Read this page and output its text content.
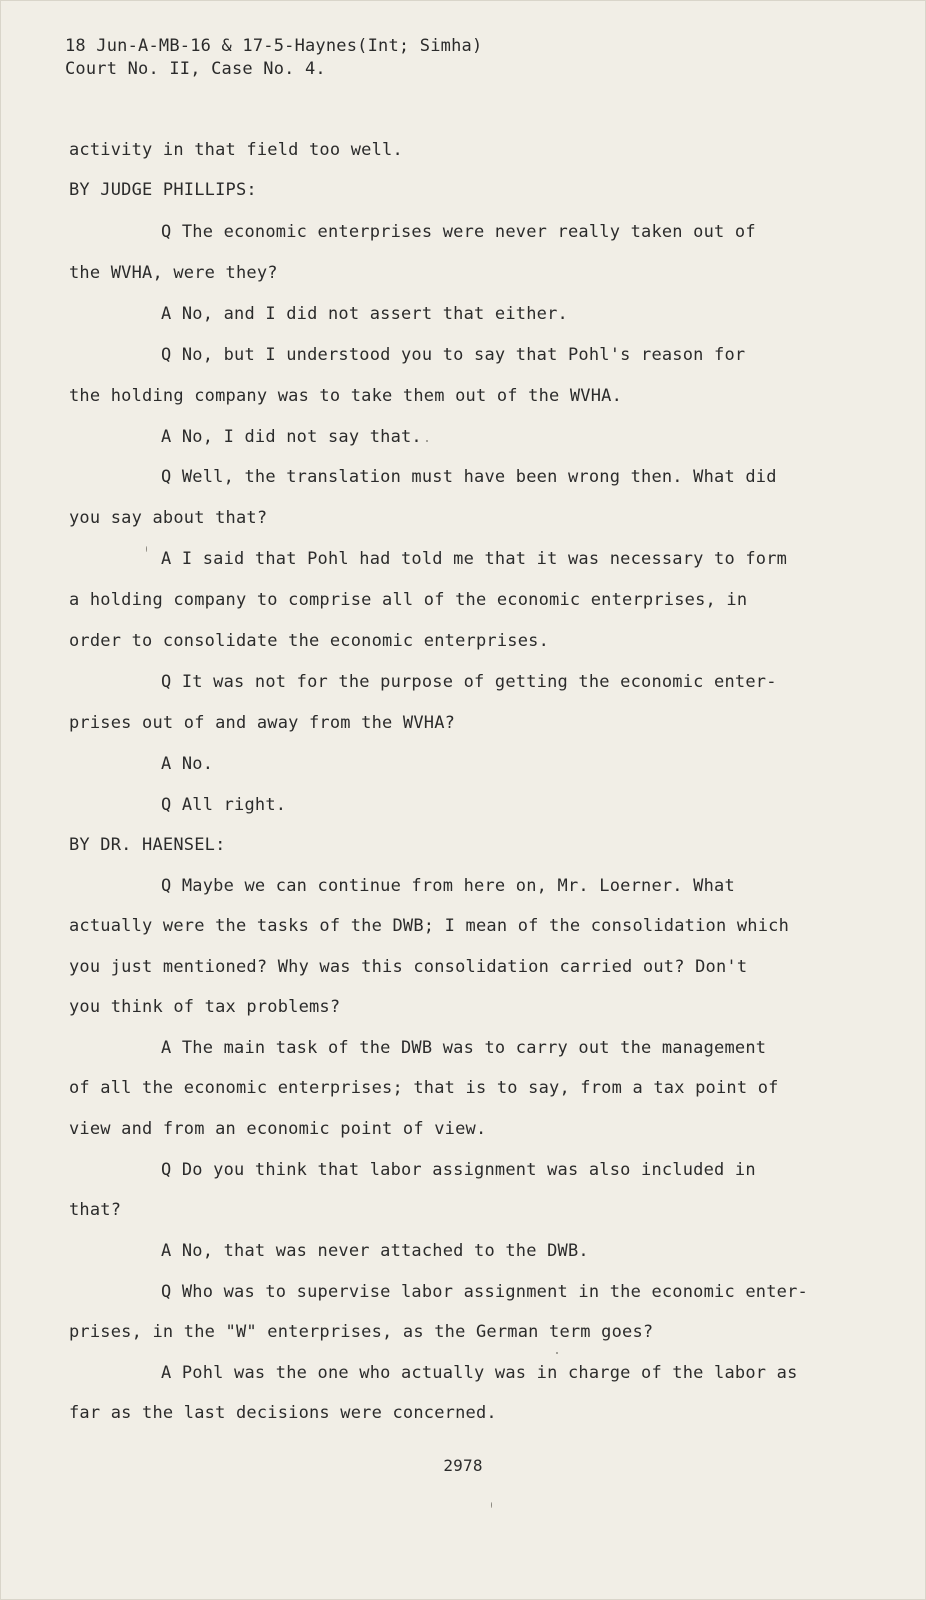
18 Jun-A-MB-16 & 17-5-Haynes(Int; Simha)
Court No. II, Case No. 4.
activity in that field too well.
BY JUDGE PHILLIPS:
Q The economic enterprises were never really taken out of
the WVHA, were they?
A No, and I did not assert that either.
Q No, but I understood you to say that Pohl's reason for
the holding company was to take them out of the WVHA.
A No, I did not say that.
Q Well, the translation must have been wrong then. What did
you say about that?
A I said that Pohl had told me that it was necessary to form
a holding company to comprise all of the economic enterprises, in
order to consolidate the economic enterprises.
Q It was not for the purpose of getting the economic enter-
prises out of and away from the WVHA?
A No.
Q All right.
BY DR. HAENSEL:
Q Maybe we can continue from here on, Mr. Loerner. What
actually were the tasks of the DWB; I mean of the consolidation which
you just mentioned? Why was this consolidation carried out? Don't
you think of tax problems?
A The main task of the DWB was to carry out the management
of all the economic enterprises; that is to say, from a tax point of
view and from an economic point of view.
Q Do you think that labor assignment was also included in
that?
A No, that was never attached to the DWB.
Q Who was to supervise labor assignment in the economic enter-
prises, in the "W" enterprises, as the German term goes?
A Pohl was the one who actually was in charge of the labor as
far as the last decisions were concerned.
2978
